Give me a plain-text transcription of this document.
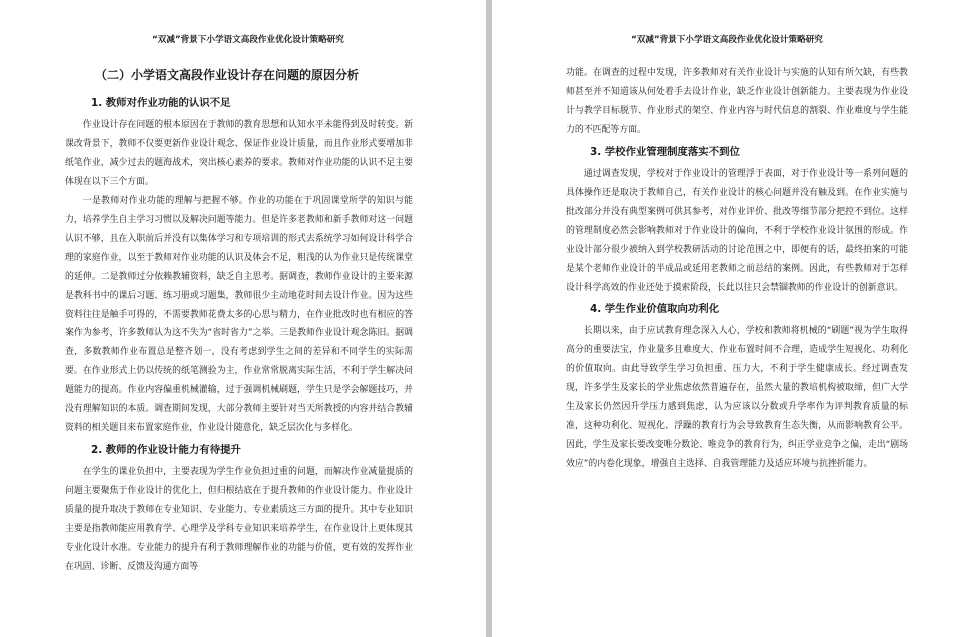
“双减”背景下小学语文高段作业优化设计策略研究
（二）小学语文高段作业设计存在问题的原因分析
1. 教师对作业功能的认识不足

作业设计存在问题的根本原因在于教师的教育思想和认知水平未能得到及时转变。新课改背景下，教师不仅要更新作业设计观念、保证作业设计质量，而且作业形式要增加非纸笔作业，减少过去的题海战术，突出核心素养的要求。教师对作业功能的认识不足主要体现在以下三个方面。

一是教师对作业功能的理解与把握不够。作业的功能在于巩固课堂所学的知识与能力，培养学生自主学习习惯以及解决问题等能力。但是许多老教师和新手教师对这一问题认识不够，且在入职前后并没有以集体学习和专项培训的形式去系统学习如何设计科学合理的家庭作业，以至于教师对作业功能的认识及体会不足，粗浅的认为作业只是传统课堂的延伸。二是教师过分依赖教辅资料，缺乏自主思考。据调查，教师作业设计的主要来源是教科书中的课后习题、练习册或习题集，教师很少主动地花时间去设计作业。因为这些资料往往是触手可得的，不需要教师花费太多的心思与精力，在作业批改时也有相应的答案作为参考，许多教师认为这不失为“省时省力”之举。三是教师作业设计观念陈旧。据调查，多数教师作业布置总是整齐划一，没有考虑到学生之间的差异和不同学生的实际需要。在作业形式上仍以传统的纸笔测验为主，作业常常脱离实际生活，不利于学生解决问题能力的提高。作业内容偏重机械灌输，过于强调机械刷题，学生只是学会解题技巧，并没有理解知识的本质。调查期间发现，大部分教师主要针对当天所教授的内容并结合教辅资料的相关题目来布置家庭作业，作业设计随意化，缺乏层次化与多样化。

2. 教师的作业设计能力有待提升

在学生的课业负担中，主要表现为学生作业负担过重的问题，而解决作业减量提质的问题主要聚焦于作业设计的优化上，但归根结底在于提升教师的作业设计能力。作业设计质量的提升取决于教师在专业知识、专业能力、专业素质这三方面的提升。其中专业知识主要是指教师能应用教育学、心理学及学科专业知识来培养学生，在作业设计上更体现其专业化设计水准。专业能力的提升有利于教师理解作业的功能与价值，更有效的发挥作业在巩固、诊断、反馈及沟通方面等

“双减”背景下小学语文高段作业优化设计策略研究

功能。在调查的过程中发现，许多教师对有关作业设计与实施的认知有所欠缺，有些教师甚至并不知道该从何处着手去设计作业，缺乏作业设计创新能力。主要表现为作业设计与教学目标脱节、作业形式的架空、作业内容与时代信息的割裂、作业难度与学生能力的不匹配等方面。

3. 学校作业管理制度落实不到位

通过调查发现，学校对于作业设计的管理浮于表面，对于作业设计等一系列问题的具体操作还是取决于教师自己，有关作业设计的核心问题并没有触及到。在作业实施与批改部分并没有典型案例可供其参考，对作业评价、批改等细节部分把控不到位。这样的管理制度必然会影响教师对于作业设计的偏向，不利于学校作业设计氛围的形成。作业设计部分很少被纳入到学校教研活动的讨论范围之中，即便有的话，最终拍案的可能是某个老师作业设计的半成品或延用老教师之前总结的案例。因此，有些教师对于怎样设计科学高效的作业还处于摸索阶段，长此以往只会禁锢教师的作业设计的创新意识。

4. 学生作业价值取向功利化

长期以来，由于应试教育理念深入人心，学校和教师将机械的“刷题”视为学生取得高分的重要法宝，作业量多且难度大、作业布置时间不合理，造成学生短视化、功利化的价值取向。由此导致学生学习负担重、压力大，不利于学生健康成长。经过调查发现，许多学生及家长的学业焦虑依然普遍存在，虽然大量的教培机构被取缔，但广大学生及家长仍然因升学压力感到焦虑，认为应该以分数或升学率作为评判教育质量的标准，这种功利化、短视化、浮躁的教育行为会导致教育生态失衡，从而影响教育公平。因此，学生及家长要改变唯分数论、唯竞争的教育行为，纠正学业竞争之偏，走出“剧场效应”的内卷化现象，增强自主选择、自我管理能力及适应环境与抗挫折能力。
